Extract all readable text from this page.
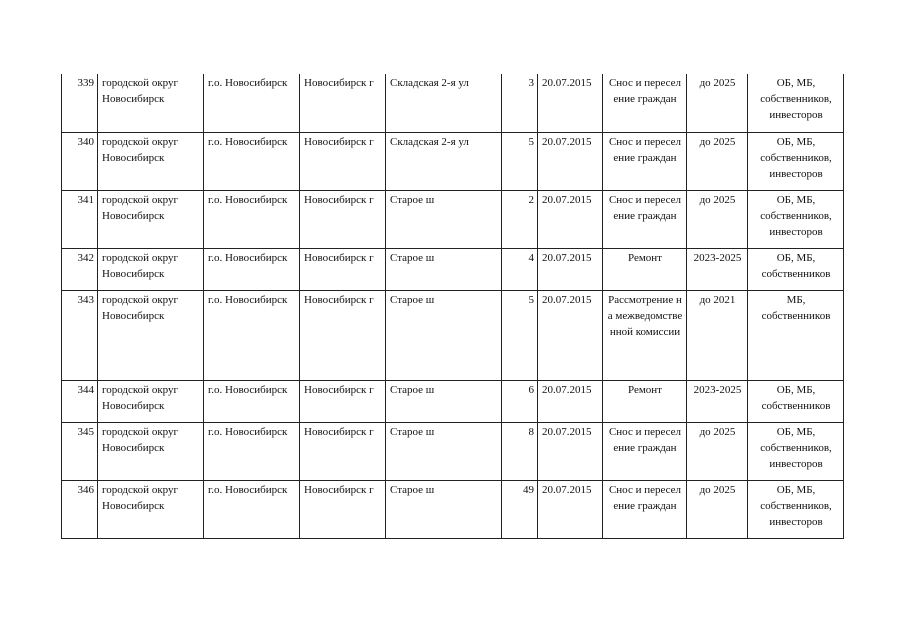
339	городской округ Новосибирск	г.о. Новосибирск	Новосибирск г	Складская 2-я ул	3	20.07.2015	Снос и переселение граждан	до 2025	ОБ, МБ, собственников, инвесторов
340	городской округ Новосибирск	г.о. Новосибирск	Новосибирск г	Складская 2-я ул	5	20.07.2015	Снос и переселение граждан	до 2025	ОБ, МБ, собственников, инвесторов
341	городской округ Новосибирск	г.о. Новосибирск	Новосибирск г	Старое ш	2	20.07.2015	Снос и переселение граждан	до 2025	ОБ, МБ, собственников, инвесторов
342	городской округ Новосибирск	г.о. Новосибирск	Новосибирск г	Старое ш	4	20.07.2015	Ремонт	2023-2025	ОБ, МБ, собственников
343	городской округ Новосибирск	г.о. Новосибирск	Новосибирск г	Старое ш	5	20.07.2015	Рассмотрение на межведомственной комиссии	до 2021	МБ, собственников
344	городской округ Новосибирск	г.о. Новосибирск	Новосибирск г	Старое ш	6	20.07.2015	Ремонт	2023-2025	ОБ, МБ, собственников
345	городской округ Новосибирск	г.о. Новосибирск	Новосибирск г	Старое ш	8	20.07.2015	Снос и переселение граждан	до 2025	ОБ, МБ, собственников, инвесторов
346	городской округ Новосибирск	г.о. Новосибирск	Новосибирск г	Старое ш	49	20.07.2015	Снос и переселение граждан	до 2025	ОБ, МБ, собственников, инвесторов
